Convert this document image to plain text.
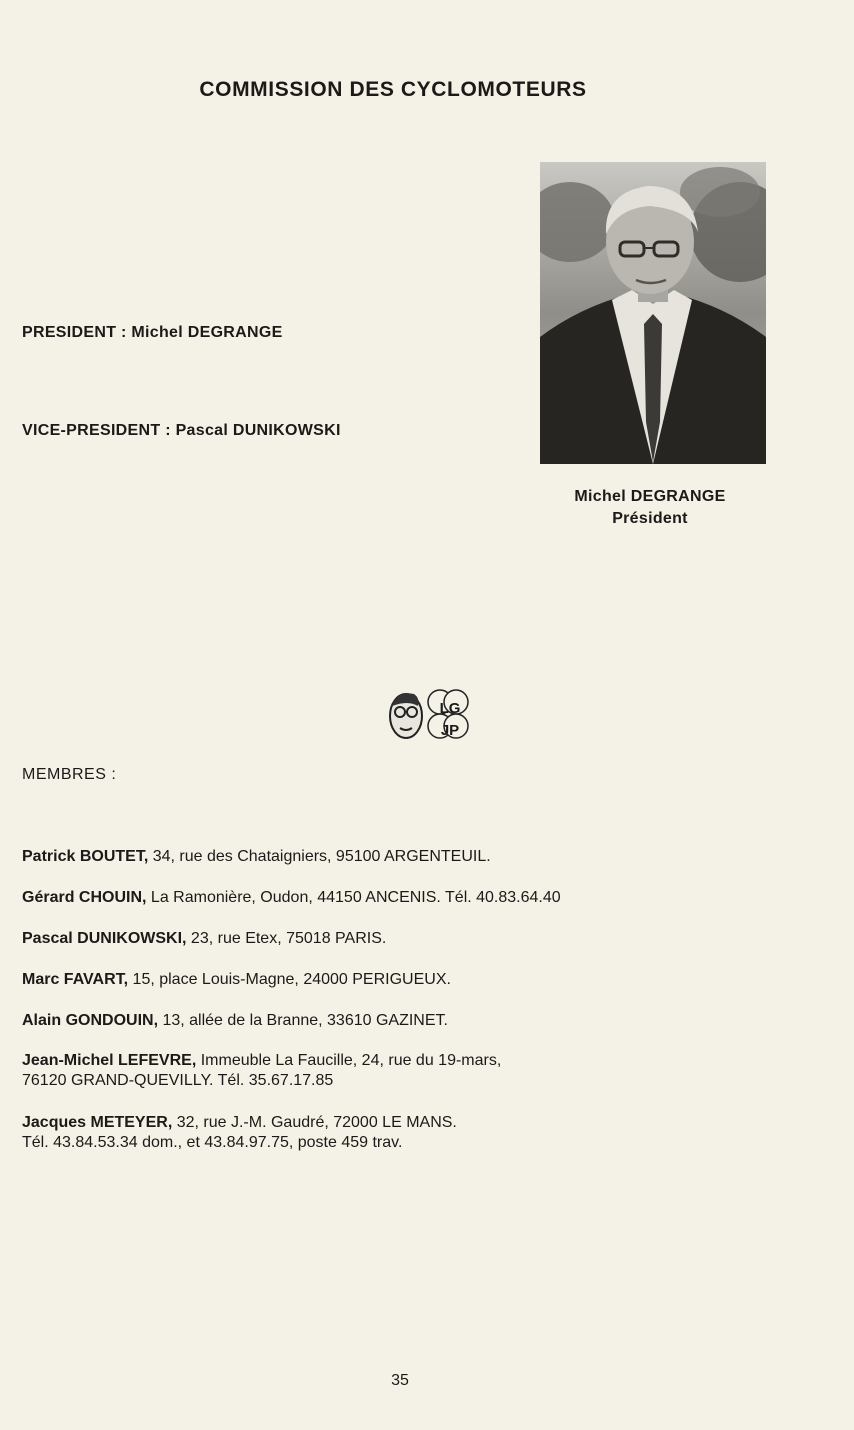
COMMISSION DES CYCLOMOTEURS
PRESIDENT : Michel DEGRANGE
VICE-PRESIDENT : Pascal DUNIKOWSKI
Michel DEGRANGE
Président
LG JP
MEMBRES :
Patrick BOUTET, 34, rue des Chataigniers, 95100 ARGENTEUIL.
Gérard CHOUIN, La Ramonière, Oudon, 44150 ANCENIS. Tél. 40.83.64.40
Pascal DUNIKOWSKI, 23, rue Etex, 75018 PARIS.
Marc FAVART, 15, place Louis-Magne, 24000 PERIGUEUX.
Alain GONDOUIN, 13, allée de la Branne, 33610 GAZINET.
Jean-Michel LEFEVRE, Immeuble La Faucille, 24, rue du 19-mars,
76120 GRAND-QUEVILLY. Tél. 35.67.17.85
Jacques METEYER, 32, rue J.-M. Gaudré, 72000 LE MANS.
Tél. 43.84.53.34 dom., et 43.84.97.75, poste 459 trav.
35
